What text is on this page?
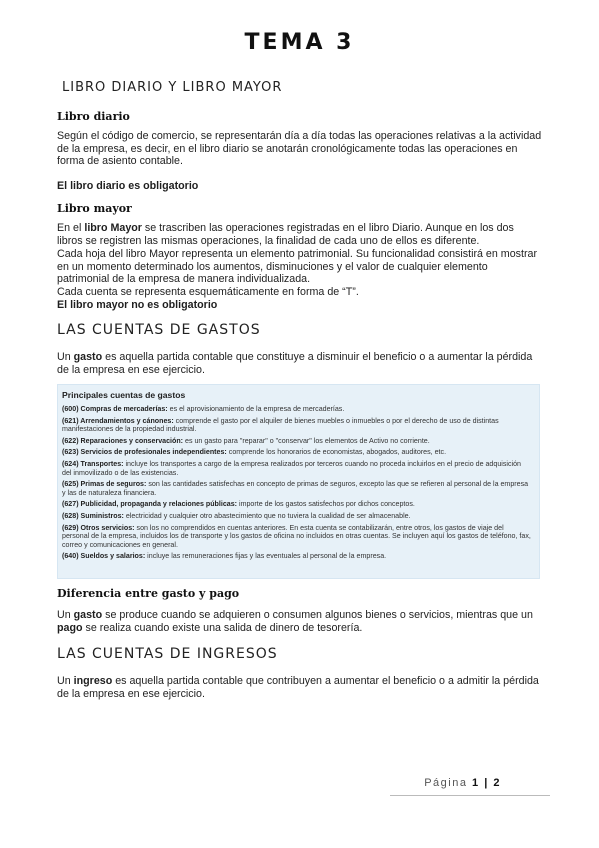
TEMA 3
LIBRO DIARIO Y LIBRO MAYOR
Libro diario

Según el código de comercio, se representarán día a día todas las operaciones relativas a la actividad de la empresa, es decir, en el libro diario se anotarán cronológicamente todas las operaciones en forma de asiento contable.

El libro diario es obligatorio

Libro mayor

En el libro Mayor se trascriben las operaciones registradas en el libro Diario. Aunque en los dos libros se registren las mismas operaciones, la finalidad de cada uno de ellos es diferente.

Cada hoja del libro Mayor representa un elemento patrimonial. Su funcionalidad consistirá en mostrar en un momento determinado los aumentos, disminuciones y el valor de cualquier elemento patrimonial de la empresa de manera individualizada.

Cada cuenta se representa esquemáticamente en forma de “T”.

El libro mayor no es obligatorio

LAS CUENTAS DE GASTOS

Un gasto es aquella partida contable que constituye a disminuir el beneficio o a aumentar la pérdida de la empresa en ese ejercicio.

Principales cuentas de gastos
(600) Compras de mercaderías: es el aprovisionamiento de la empresa de mercaderías.
(621) Arrendamientos y cánones: comprende el gasto por el alquiler de bienes muebles o inmuebles o por el derecho de uso de distintas manifestaciones de la propiedad industrial.
(622) Reparaciones y conservación: es un gasto para "reparar" o "conservar" los elementos de Activo no corriente.
(623) Servicios de profesionales independientes: comprende los honorarios de economistas, abogados, auditores, etc.
(624) Transportes: incluye los transportes a cargo de la empresa realizados por terceros cuando no proceda incluirlos en el precio de adquisición del inmovilizado o de las existencias.
(625) Primas de seguros: son las cantidades satisfechas en concepto de primas de seguros, excepto las que se refieren al personal de la empresa y las de naturaleza financiera.
(627) Publicidad, propaganda y relaciones públicas: importe de los gastos satisfechos por dichos conceptos.
(628) Suministros: electricidad y cualquier otro abastecimiento que no tuviera la cualidad de ser almacenable.
(629) Otros servicios: son los no comprendidos en cuentas anteriores. En esta cuenta se contabilizarán, entre otros, los gastos de viaje del personal de la empresa, incluidos los de transporte y los gastos de oficina no incluidos en otras cuentas. Se incluyen aquí los gastos de teléfono, fax, correo y comunicaciones en general.
(640) Sueldos y salarios: incluye las remuneraciones fijas y las eventuales al personal de la empresa.
Diferencia entre gasto y pago

Un gasto se produce cuando se adquieren o consumen algunos bienes o servicios, mientras que un pago se realiza cuando existe una salida de dinero de tesorería.

LAS CUENTAS DE INGRESOS

Un ingreso es aquella partida contable que contribuyen a aumentar el beneficio o a admitir la pérdida de la empresa en ese ejercicio.

Página 1 | 2
